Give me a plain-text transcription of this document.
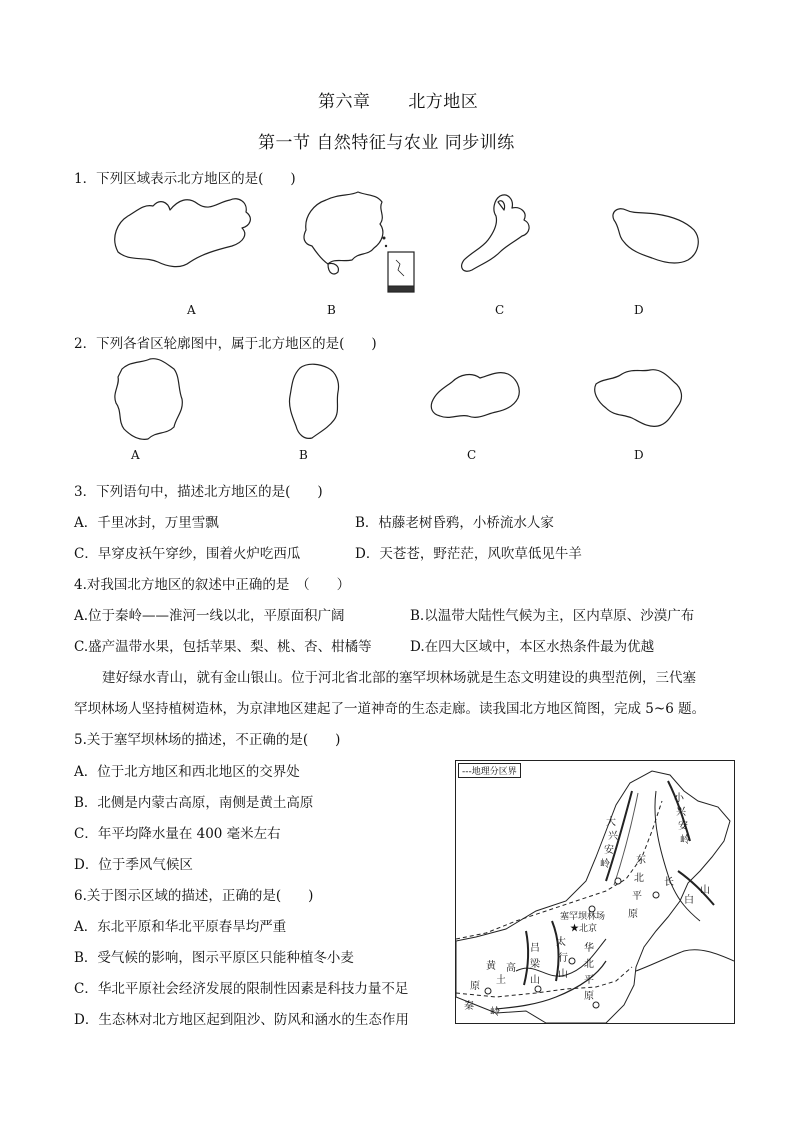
第六章 北方地区
第一节 自然特征与农业 同步训练
1．下列区域表示北方地区的是(　　)
A	B	C	D
2．下列各省区轮廓图中，属于北方地区的是(　　)
A	B	C	D
3．下列语句中，描述北方地区的是(　　)
A．千里冰封，万里雪飘	B．枯藤老树昏鸦，小桥流水人家
C．早穿皮袄午穿纱，围着火炉吃西瓜	D．天苍苍，野茫茫，风吹草低见牛羊
4.对我国北方地区的叙述中正确的是　（　　）
A.位于秦岭——淮河一线以北，平原面积广阔	B.以温带大陆性气候为主，区内草原、沙漠广布
C.盛产温带水果，包括苹果、梨、桃、杏、柑橘等	D.在四大区域中，本区水热条件最为优越
建好绿水青山，就有金山银山。位于河北省北部的塞罕坝林场就是生态文明建设的典型范例，三代塞
罕坝林场人坚持植树造林，为京津地区建起了一道神奇的生态走廊。读我国北方地区简图，完成 5~6 题。
5.关于塞罕坝林场的描述，不正确的是(　　)
A．位于北方地区和西北地区的交界处
B．北侧是内蒙古高原，南侧是黄土高原
C．年平均降水量在 400 毫米左右
D．位于季风气候区
6.关于图示区域的描述，正确的是(　　)
A．东北平原和华北平原春旱均严重
B．受气候的影响，图示平原区只能种植冬小麦
C．华北平原社会经济发展的限制性因素是科技力量不足
D．生态林对北方地区起到阻沙、防风和涵水的生态作用
---地理分区界
大
兴
安
岭
小
兴
安
岭
长
东
北
山
平	白
原
塞罕坝林场
★北京
太
华
北
平
原
黄
土
高
原
吕
梁
山
行
山
秦
岭
